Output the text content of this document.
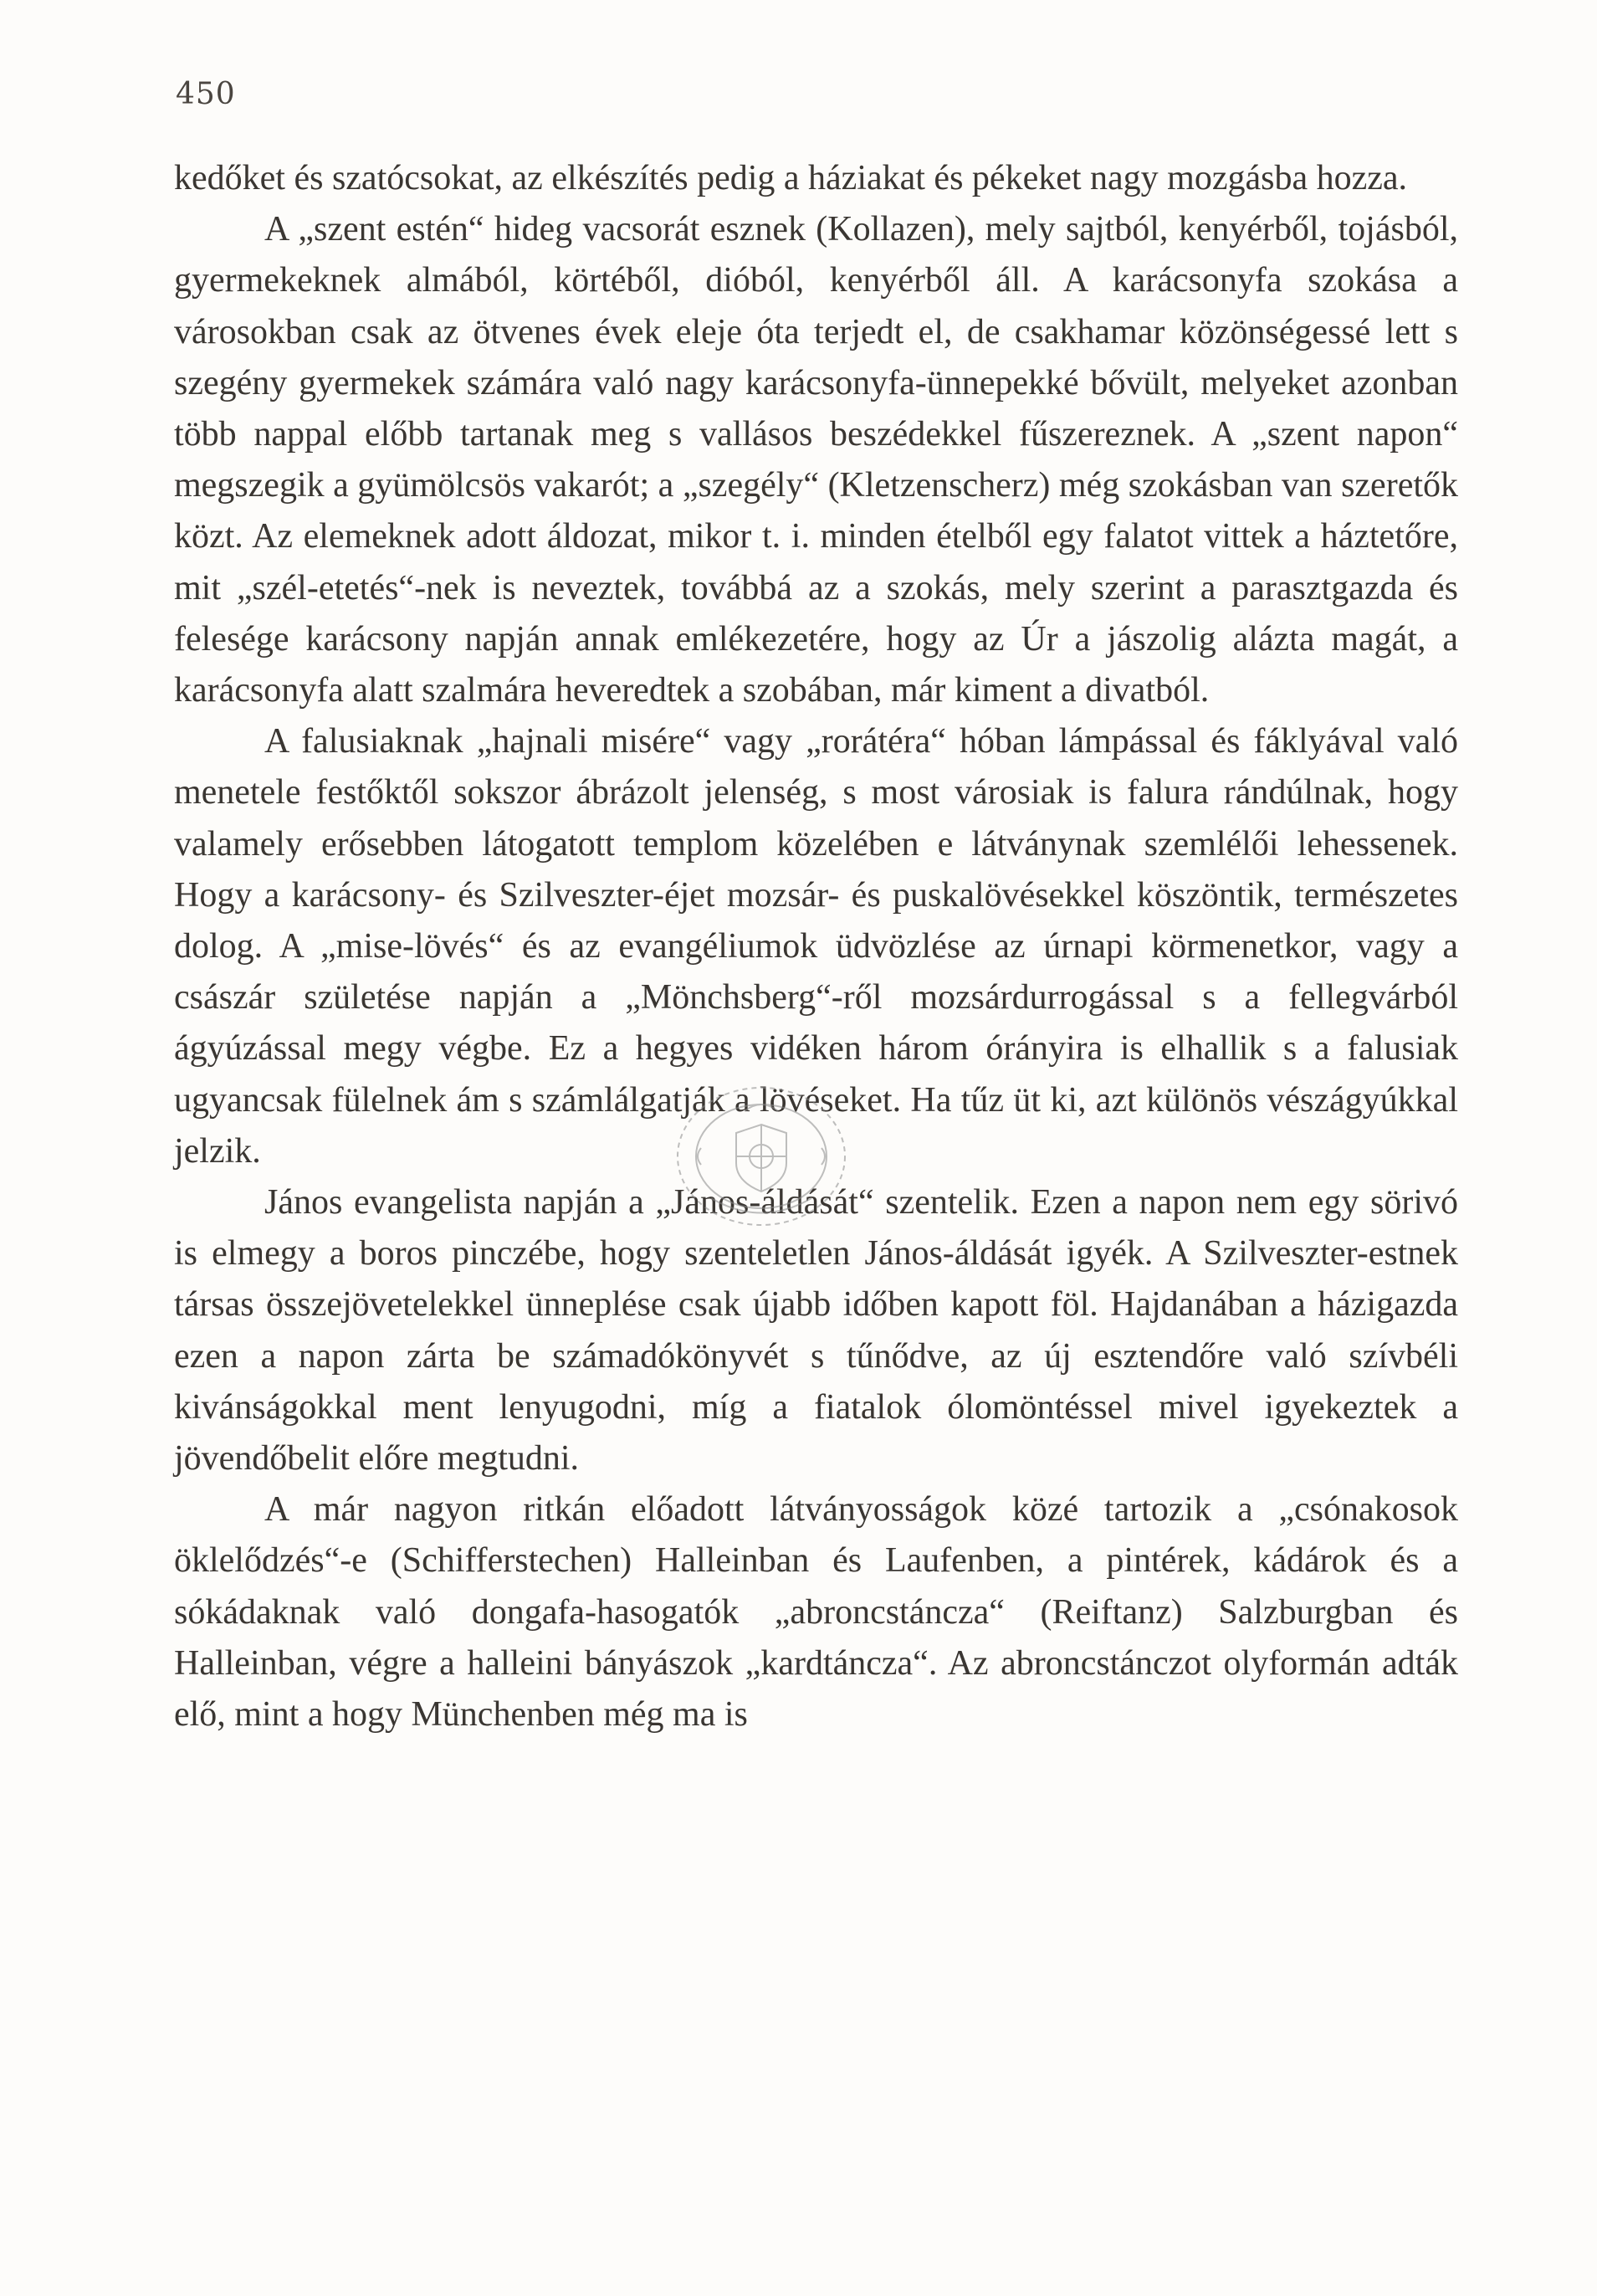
450

kedőket és szatócsokat, az elkészítés pedig a háziakat és pékeket nagy mozgásba hozza.

A „szent estén“ hideg vacsorát esznek (Kollazen), mely sajtból, kenyérből, tojásból, gyermekeknek almából, körtéből, dióból, kenyérből áll. A karácsonyfa szokása a városokban csak az ötvenes évek eleje óta terjedt el, de csakhamar közönségessé lett s szegény gyermekek számára való nagy karácsonyfa-ünnepekké bővült, melyeket azonban több nappal előbb tartanak meg s vallásos beszédekkel fűszereznek. A „szent napon“ megszegik a gyümölcsös vakarót; a „szegély“ (Kletzenscherz) még szokásban van szeretők közt. Az elemeknek adott áldozat, mikor t. i. minden ételből egy falatot vittek a háztetőre, mit „szél-etetés“-nek is neveztek, továbbá az a szokás, mely szerint a parasztgazda és felesége karácsony napján annak emlékezetére, hogy az Úr a jászolig alázta magát, a karácsonyfa alatt szalmára heveredtek a szobában, már kiment a divatból.

A falusiaknak „hajnali misére“ vagy „rorátéra“ hóban lámpással és fáklyával való menetele festőktől sokszor ábrázolt jelenség, s most városiak is falura rándúlnak, hogy valamely erősebben látogatott templom közelében e látványnak szemlélői lehessenek. Hogy a karácsony- és Szilveszter-éjet mozsár- és puskalövésekkel köszöntik, természetes dolog. A „mise-lövés“ és az evangéliumok üdvözlése az úrnapi körmenetkor, vagy a császár születése napján a „Mönchsberg“-ről mozsárdurrogással s a fellegvárból ágyúzással megy végbe. Ez a hegyes vidéken három órányira is elhallik s a falusiak ugyancsak fülelnek ám s számlálgatják a lövéseket. Ha tűz üt ki, azt különös vészágyúkkal jelzik.

János evangelista napján a „János-áldását“ szentelik. Ezen a napon nem egy sörivó is elmegy a boros pinczébe, hogy szenteletlen János-áldását igyék. A Szilveszter-estnek társas összejövetelekkel ünneplése csak újabb időben kapott föl. Hajdanában a házigazda ezen a napon zárta be számadókönyvét s tűnődve, az új esztendőre való szívbéli kivánságokkal ment lenyugodni, míg a fiatalok ólomöntéssel mivel igyekeztek a jövendőbelit előre megtudni.

A már nagyon ritkán előadott látványosságok közé tartozik a „csónakosok öklelődzés“-e (Schifferstechen) Halleinban és Laufenben, a pintérek, kádárok és a sókádaknak való dongafa-hasogatók „abroncstáncza“ (Reiftanz) Salzburgban és Halleinban, végre a halleini bányászok „kardtáncza“. Az abroncstánczot olyformán adták elő, mint a hogy Münchenben még ma is
